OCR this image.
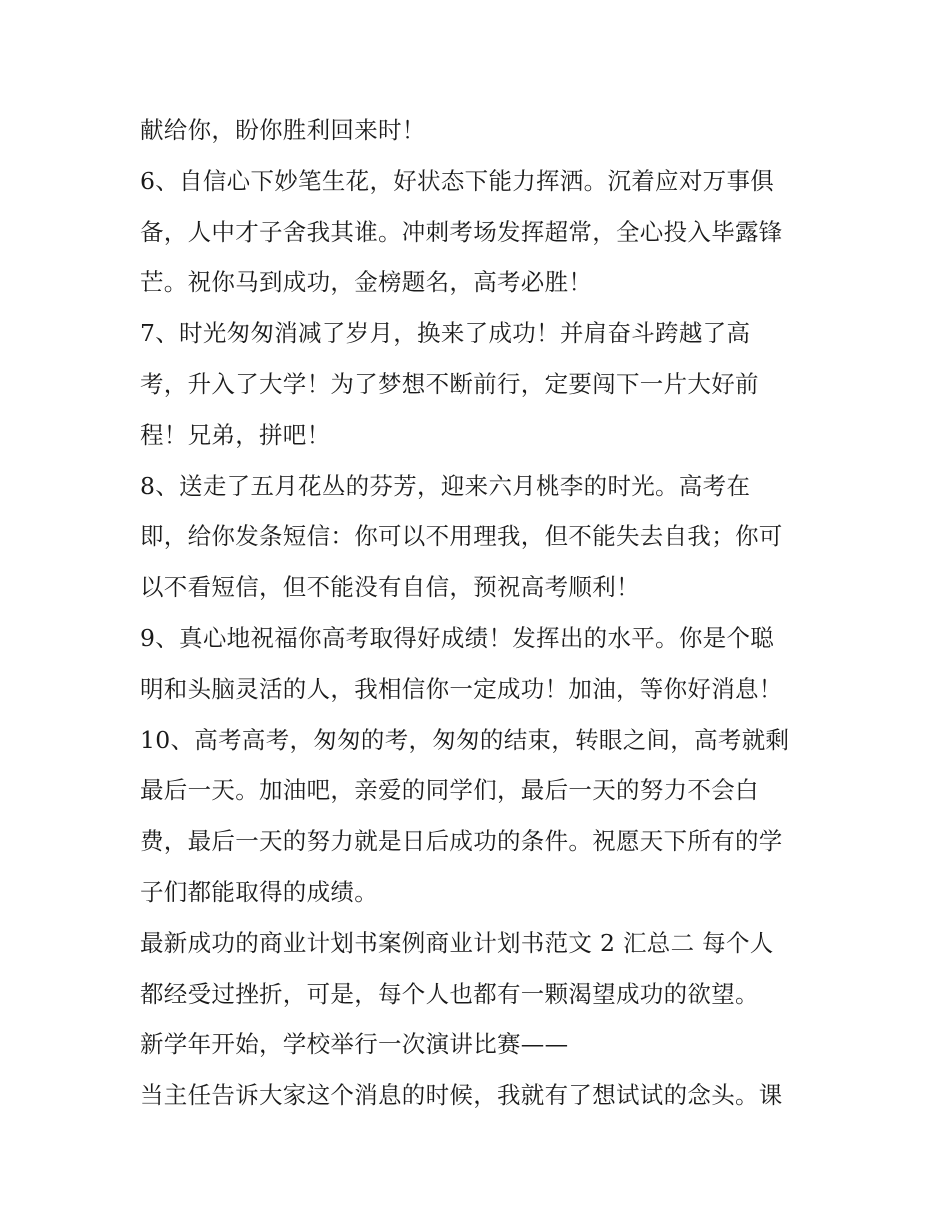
献给你，盼你胜利回来时！
6、自信心下妙笔生花，好状态下能力挥洒。沉着应对万事俱
备，人中才子舍我其谁。冲刺考场发挥超常，全心投入毕露锋
芒。祝你马到成功，金榜题名，高考必胜！
7、时光匆匆消减了岁月，换来了成功！并肩奋斗跨越了高
考，升入了大学！为了梦想不断前行，定要闯下一片大好前
程！兄弟，拼吧！
8、送走了五月花丛的芬芳，迎来六月桃李的时光。高考在
即，给你发条短信：你可以不用理我，但不能失去自我；你可
以不看短信，但不能没有自信，预祝高考顺利！
9、真心地祝福你高考取得好成绩！发挥出的水平。你是个聪
明和头脑灵活的人，我相信你一定成功！加油，等你好消息！
10、高考高考，匆匆的考，匆匆的结束，转眼之间，高考就剩
最后一天。加油吧，亲爱的同学们，最后一天的努力不会白
费，最后一天的努力就是日后成功的条件。祝愿天下所有的学
子们都能取得的成绩。
最新成功的商业计划书案例商业计划书范文 2 汇总二 每个人
都经受过挫折，可是，每个人也都有一颗渴望成功的欲望。
新学年开始，学校举行一次演讲比赛——
当主任告诉大家这个消息的时候，我就有了想试试的念头。课
